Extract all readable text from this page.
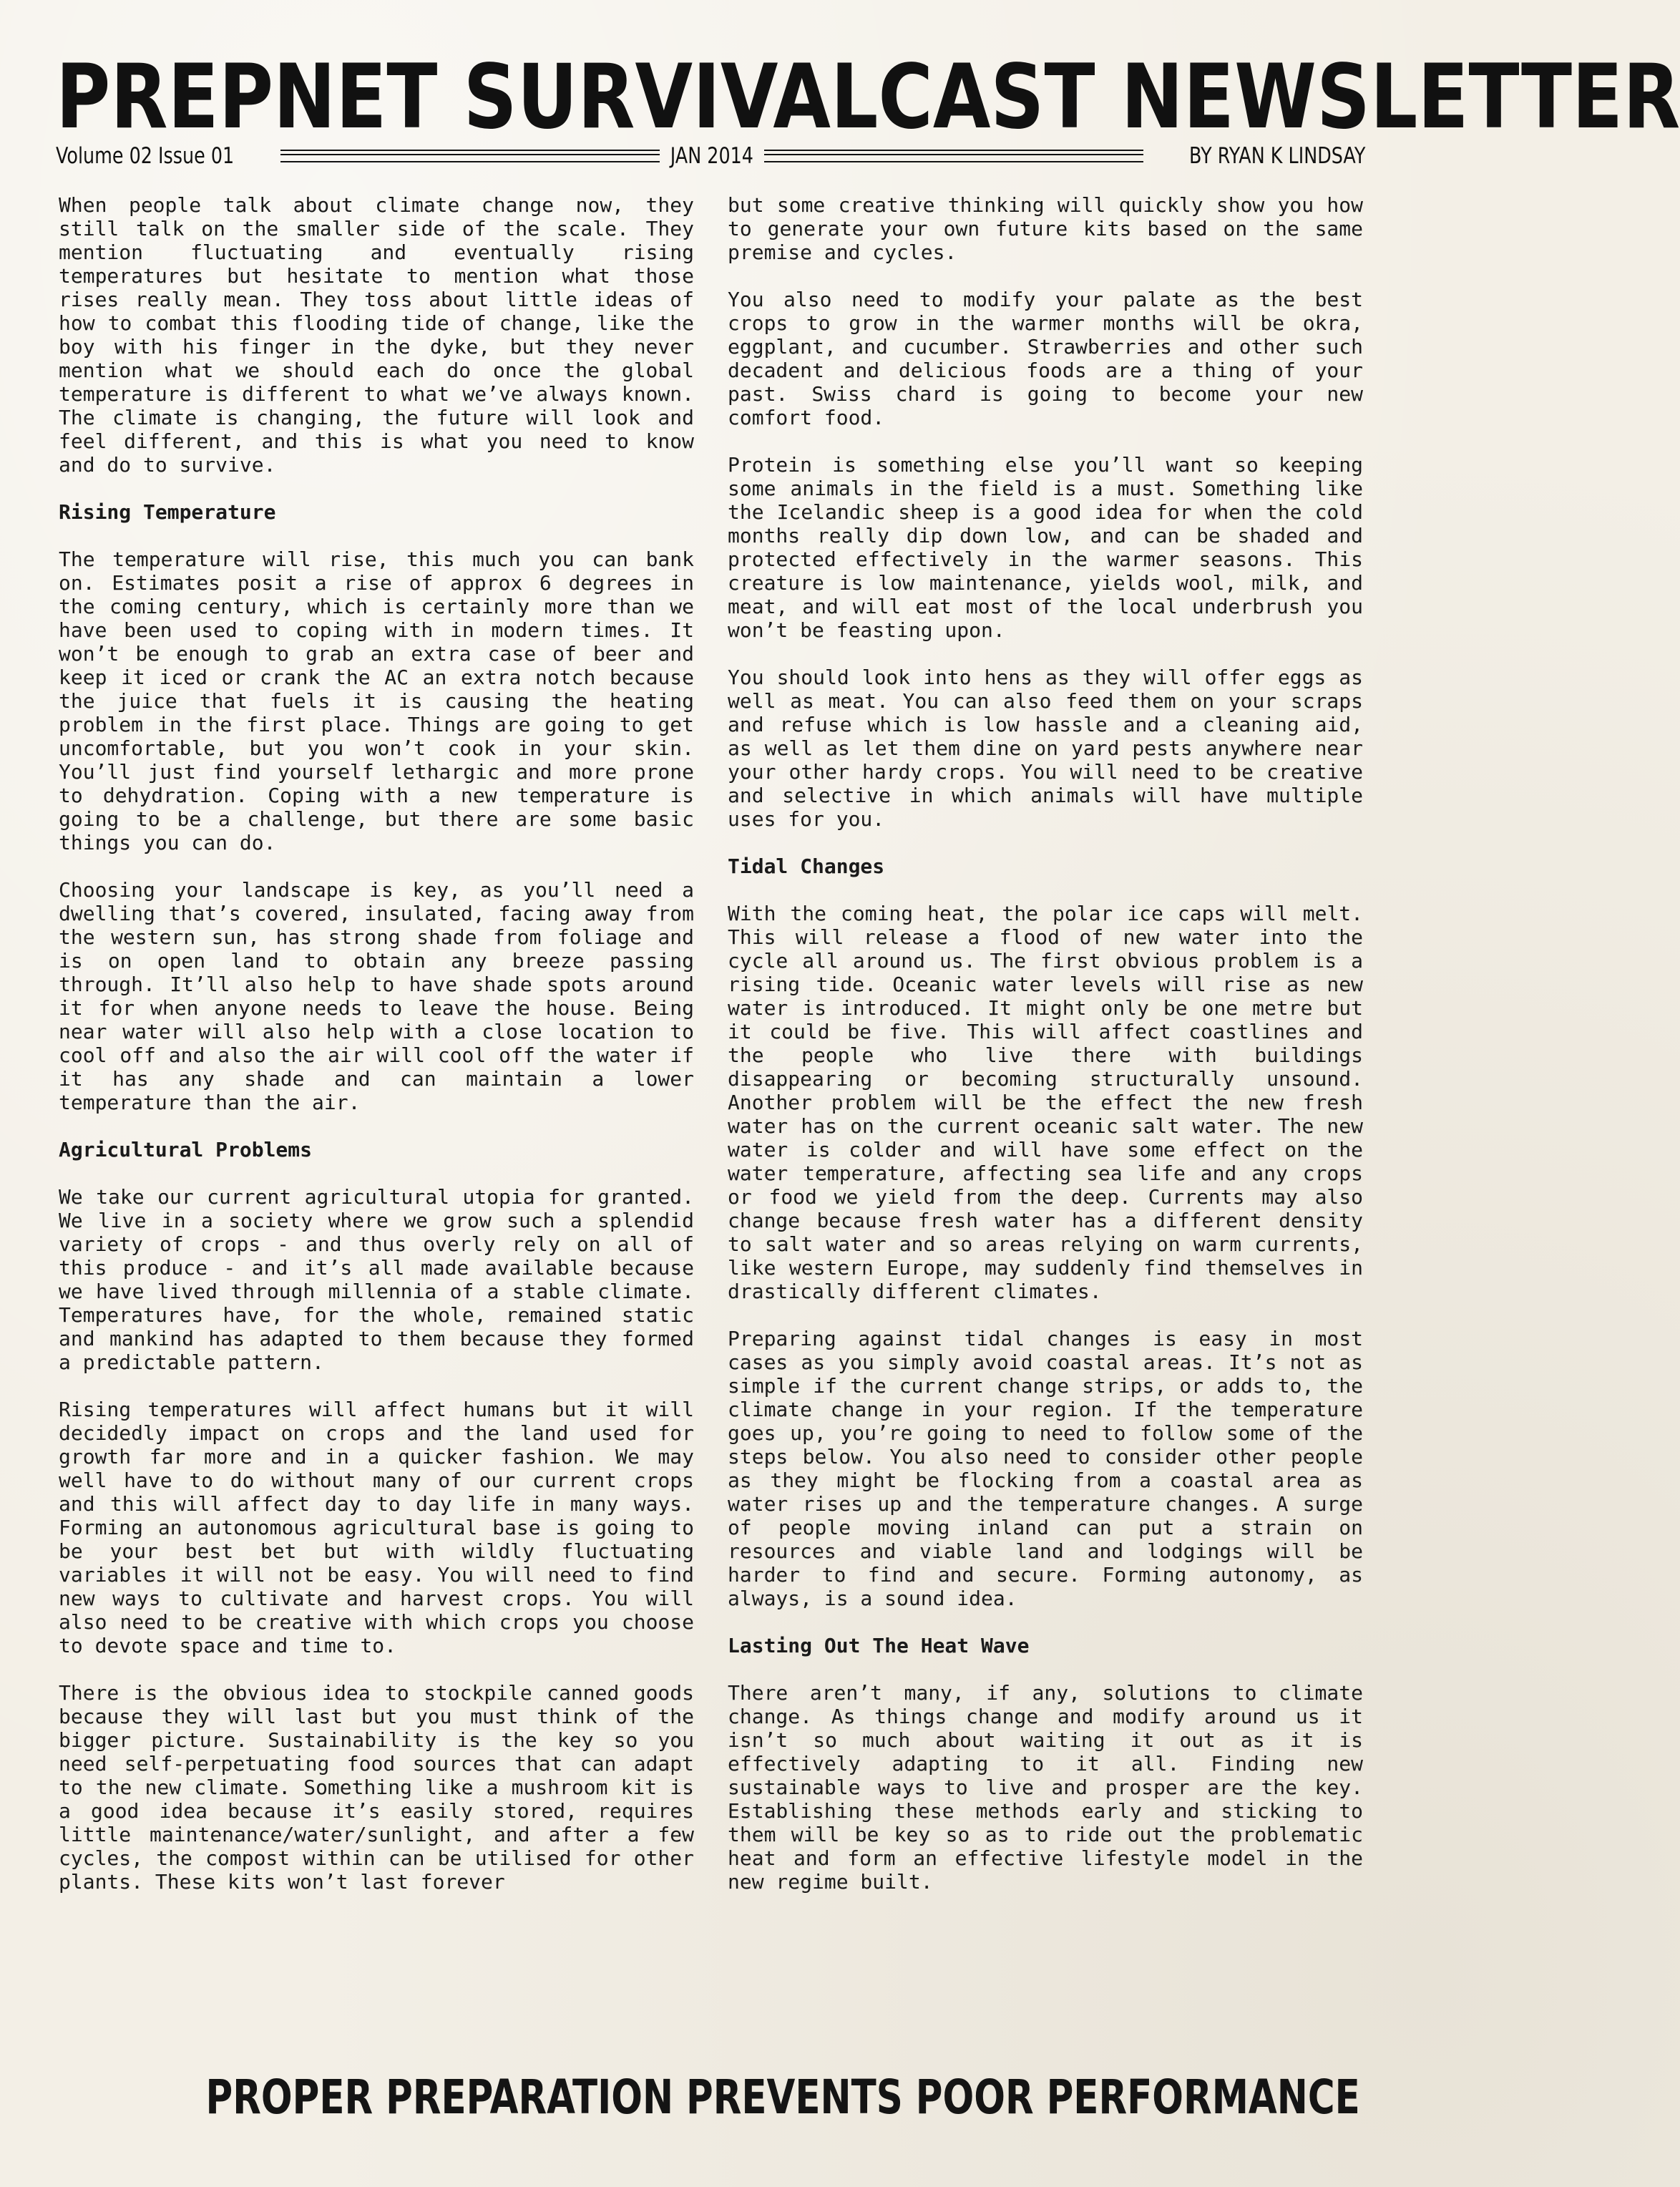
PREPNET SURVIVALCAST NEWSLETTER
Volume 02 Issue 01	JAN 2014	BY RYAN K LINDSAY

When people talk about climate change now, they still talk on the smaller side of the scale. They mention fluctuating and eventually rising temperatures but hesitate to mention what those rises really mean. They toss about little ideas of how to combat this flooding tide of change, like the boy with his finger in the dyke, but they never mention what we should each do once the global temperature is different to what we’ve always known. The climate is changing, the future will look and feel different, and this is what you need to know and do to survive.

Rising Temperature

The temperature will rise, this much you can bank on. Estimates posit a rise of approx 6 degrees in the coming century, which is certainly more than we have been used to coping with in modern times. It won’t be enough to grab an extra case of beer and keep it iced or crank the AC an extra notch because the juice that fuels it is causing the heating problem in the first place. Things are going to get uncomfortable, but you won’t cook in your skin. You’ll just find yourself lethargic and more prone to dehydration. Coping with a new temperature is going to be a challenge, but there are some basic things you can do.

Choosing your landscape is key, as you’ll need a dwelling that’s covered, insulated, facing away from the western sun, has strong shade from foliage and is on open land to obtain any breeze passing through. It’ll also help to have shade spots around it for when anyone needs to leave the house. Being near water will also help with a close location to cool off and also the air will cool off the water if it has any shade and can maintain a lower temperature than the air.

Agricultural Problems

We take our current agricultural utopia for granted. We live in a society where we grow such a splendid variety of crops - and thus overly rely on all of this produce - and it’s all made available because we have lived through millennia of a stable climate. Temperatures have, for the whole, remained static and mankind has adapted to them because they formed a predictable pattern.

Rising temperatures will affect humans but it will decidedly impact on crops and the land used for growth far more and in a quicker fashion. We may well have to do without many of our current crops and this will affect day to day life in many ways. Forming an autonomous agricultural base is going to be your best bet but with wildly fluctuating variables it will not be easy. You will need to find new ways to cultivate and harvest crops. You will also need to be creative with which crops you choose to devote space and time to.

There is the obvious idea to stockpile canned goods because they will last but you must think of the bigger picture. Sustainability is the key so you need self-perpetuating food sources that can adapt to the new climate. Something like a mushroom kit is a good idea because it’s easily stored, requires little maintenance/water/sunlight, and after a few cycles, the compost within can be utilised for other plants. These kits won’t last forever

but some creative thinking will quickly show you how to generate your own future kits based on the same premise and cycles.

You also need to modify your palate as the best crops to grow in the warmer months will be okra, eggplant, and cucumber. Strawberries and other such decadent and delicious foods are a thing of your past. Swiss chard is going to become your new comfort food.

Protein is something else you’ll want so keeping some animals in the field is a must. Something like the Icelandic sheep is a good idea for when the cold months really dip down low, and can be shaded and protected effectively in the warmer seasons. This creature is low maintenance, yields wool, milk, and meat, and will eat most of the local underbrush you won’t be feasting upon.

You should look into hens as they will offer eggs as well as meat. You can also feed them on your scraps and refuse which is low hassle and a cleaning aid, as well as let them dine on yard pests anywhere near your other hardy crops. You will need to be creative and selective in which animals will have multiple uses for you.

Tidal Changes

With the coming heat, the polar ice caps will melt. This will release a flood of new water into the cycle all around us. The first obvious problem is a rising tide. Oceanic water levels will rise as new water is introduced. It might only be one metre but it could be five. This will affect coastlines and the people who live there with buildings disappearing or becoming structurally unsound. Another problem will be the effect the new fresh water has on the current oceanic salt water. The new water is colder and will have some effect on the water temperature, affecting sea life and any crops or food we yield from the deep. Currents may also change because fresh water has a different density to salt water and so areas relying on warm currents, like western Europe, may suddenly find themselves in drastically different climates.

Preparing against tidal changes is easy in most cases as you simply avoid coastal areas. It’s not as simple if the current change strips, or adds to, the climate change in your region. If the temperature goes up, you’re going to need to follow some of the steps below. You also need to consider other people as they might be flocking from a coastal area as water rises up and the temperature changes. A surge of people moving inland can put a strain on resources and viable land and lodgings will be harder to find and secure. Forming autonomy, as always, is a sound idea.

Lasting Out The Heat Wave

There aren’t many, if any, solutions to climate change. As things change and modify around us it isn’t so much about waiting it out as it is effectively adapting to it all. Finding new sustainable ways to live and prosper are the key. Establishing these methods early and sticking to them will be key so as to ride out the problematic heat and form an effective lifestyle model in the new regime built.

PROPER PREPARATION PREVENTS POOR PERFORMANCE
